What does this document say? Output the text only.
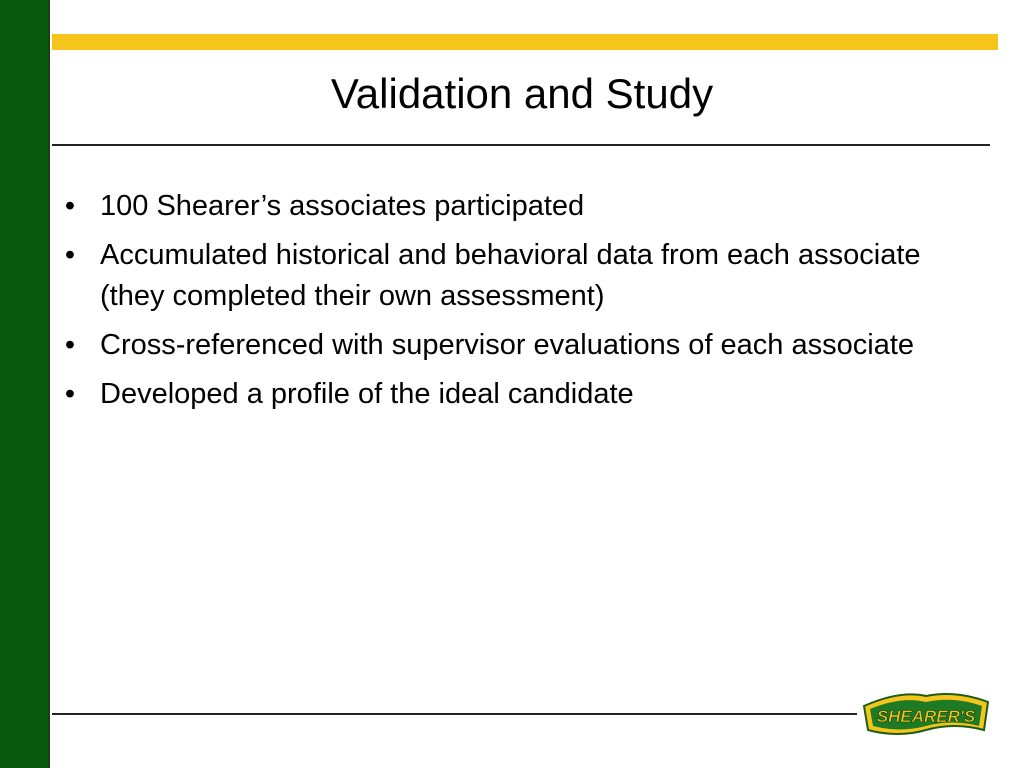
Validation and Study
• 100 Shearer’s associates participated
• Accumulated historical and behavioral data from each associate (they completed their own assessment)
• Cross-referenced with supervisor evaluations of each associate
• Developed a profile of the ideal candidate
SHEARER'S
